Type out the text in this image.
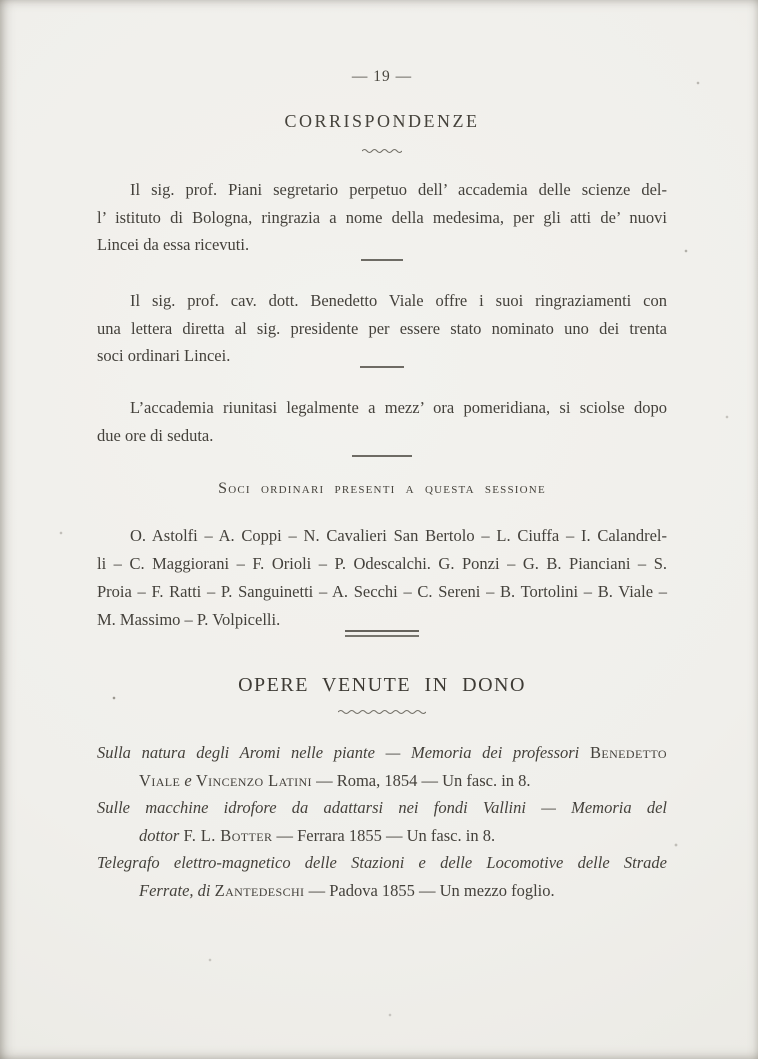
— 19 —
CORRISPONDENZE
Il sig. prof. Piani segretario perpetuo dell’ accademia delle scienze del-
l’ istituto di Bologna, ringrazia a nome della medesima, per gli atti de’ nuovi
Lincei da essa ricevuti.
Il sig. prof. cav. dott. Benedetto Viale offre i suoi ringraziamenti con
una lettera diretta al sig. presidente per essere stato nominato uno dei trenta
soci ordinari Lincei.
L’accademia riunitasi legalmente a mezz’ ora pomeridiana, si sciolse dopo
due ore di seduta.
Soci ordinari presenti a questa sessione
O. Astolfi – A. Coppi – N. Cavalieri San Bertolo – L. Ciuffa – I. Calandrel-
li – C. Maggiorani – F. Orioli – P. Odescalchi. G. Ponzi – G. B. Pianciani – S.
Proia – F. Ratti – P. Sanguinetti – A. Secchi – C. Sereni – B. Tortolini – B. Viale –
M. Massimo – P. Volpicelli.
OPERE VENUTE IN DONO
Sulla natura degli Aromi nelle piante — Memoria dei professori Benedetto
Viale e Vincenzo Latini — Roma, 1854 — Un fasc. in 8.
Sulle macchine idrofore da adattarsi nei fondi Vallini — Memoria del
dottor F. L. Botter — Ferrara 1855 — Un fasc. in 8.
Telegrafo elettro-magnetico delle Stazioni e delle Locomotive delle Strade
Ferrate, di Zantedeschi — Padova 1855 — Un mezzo foglio.
